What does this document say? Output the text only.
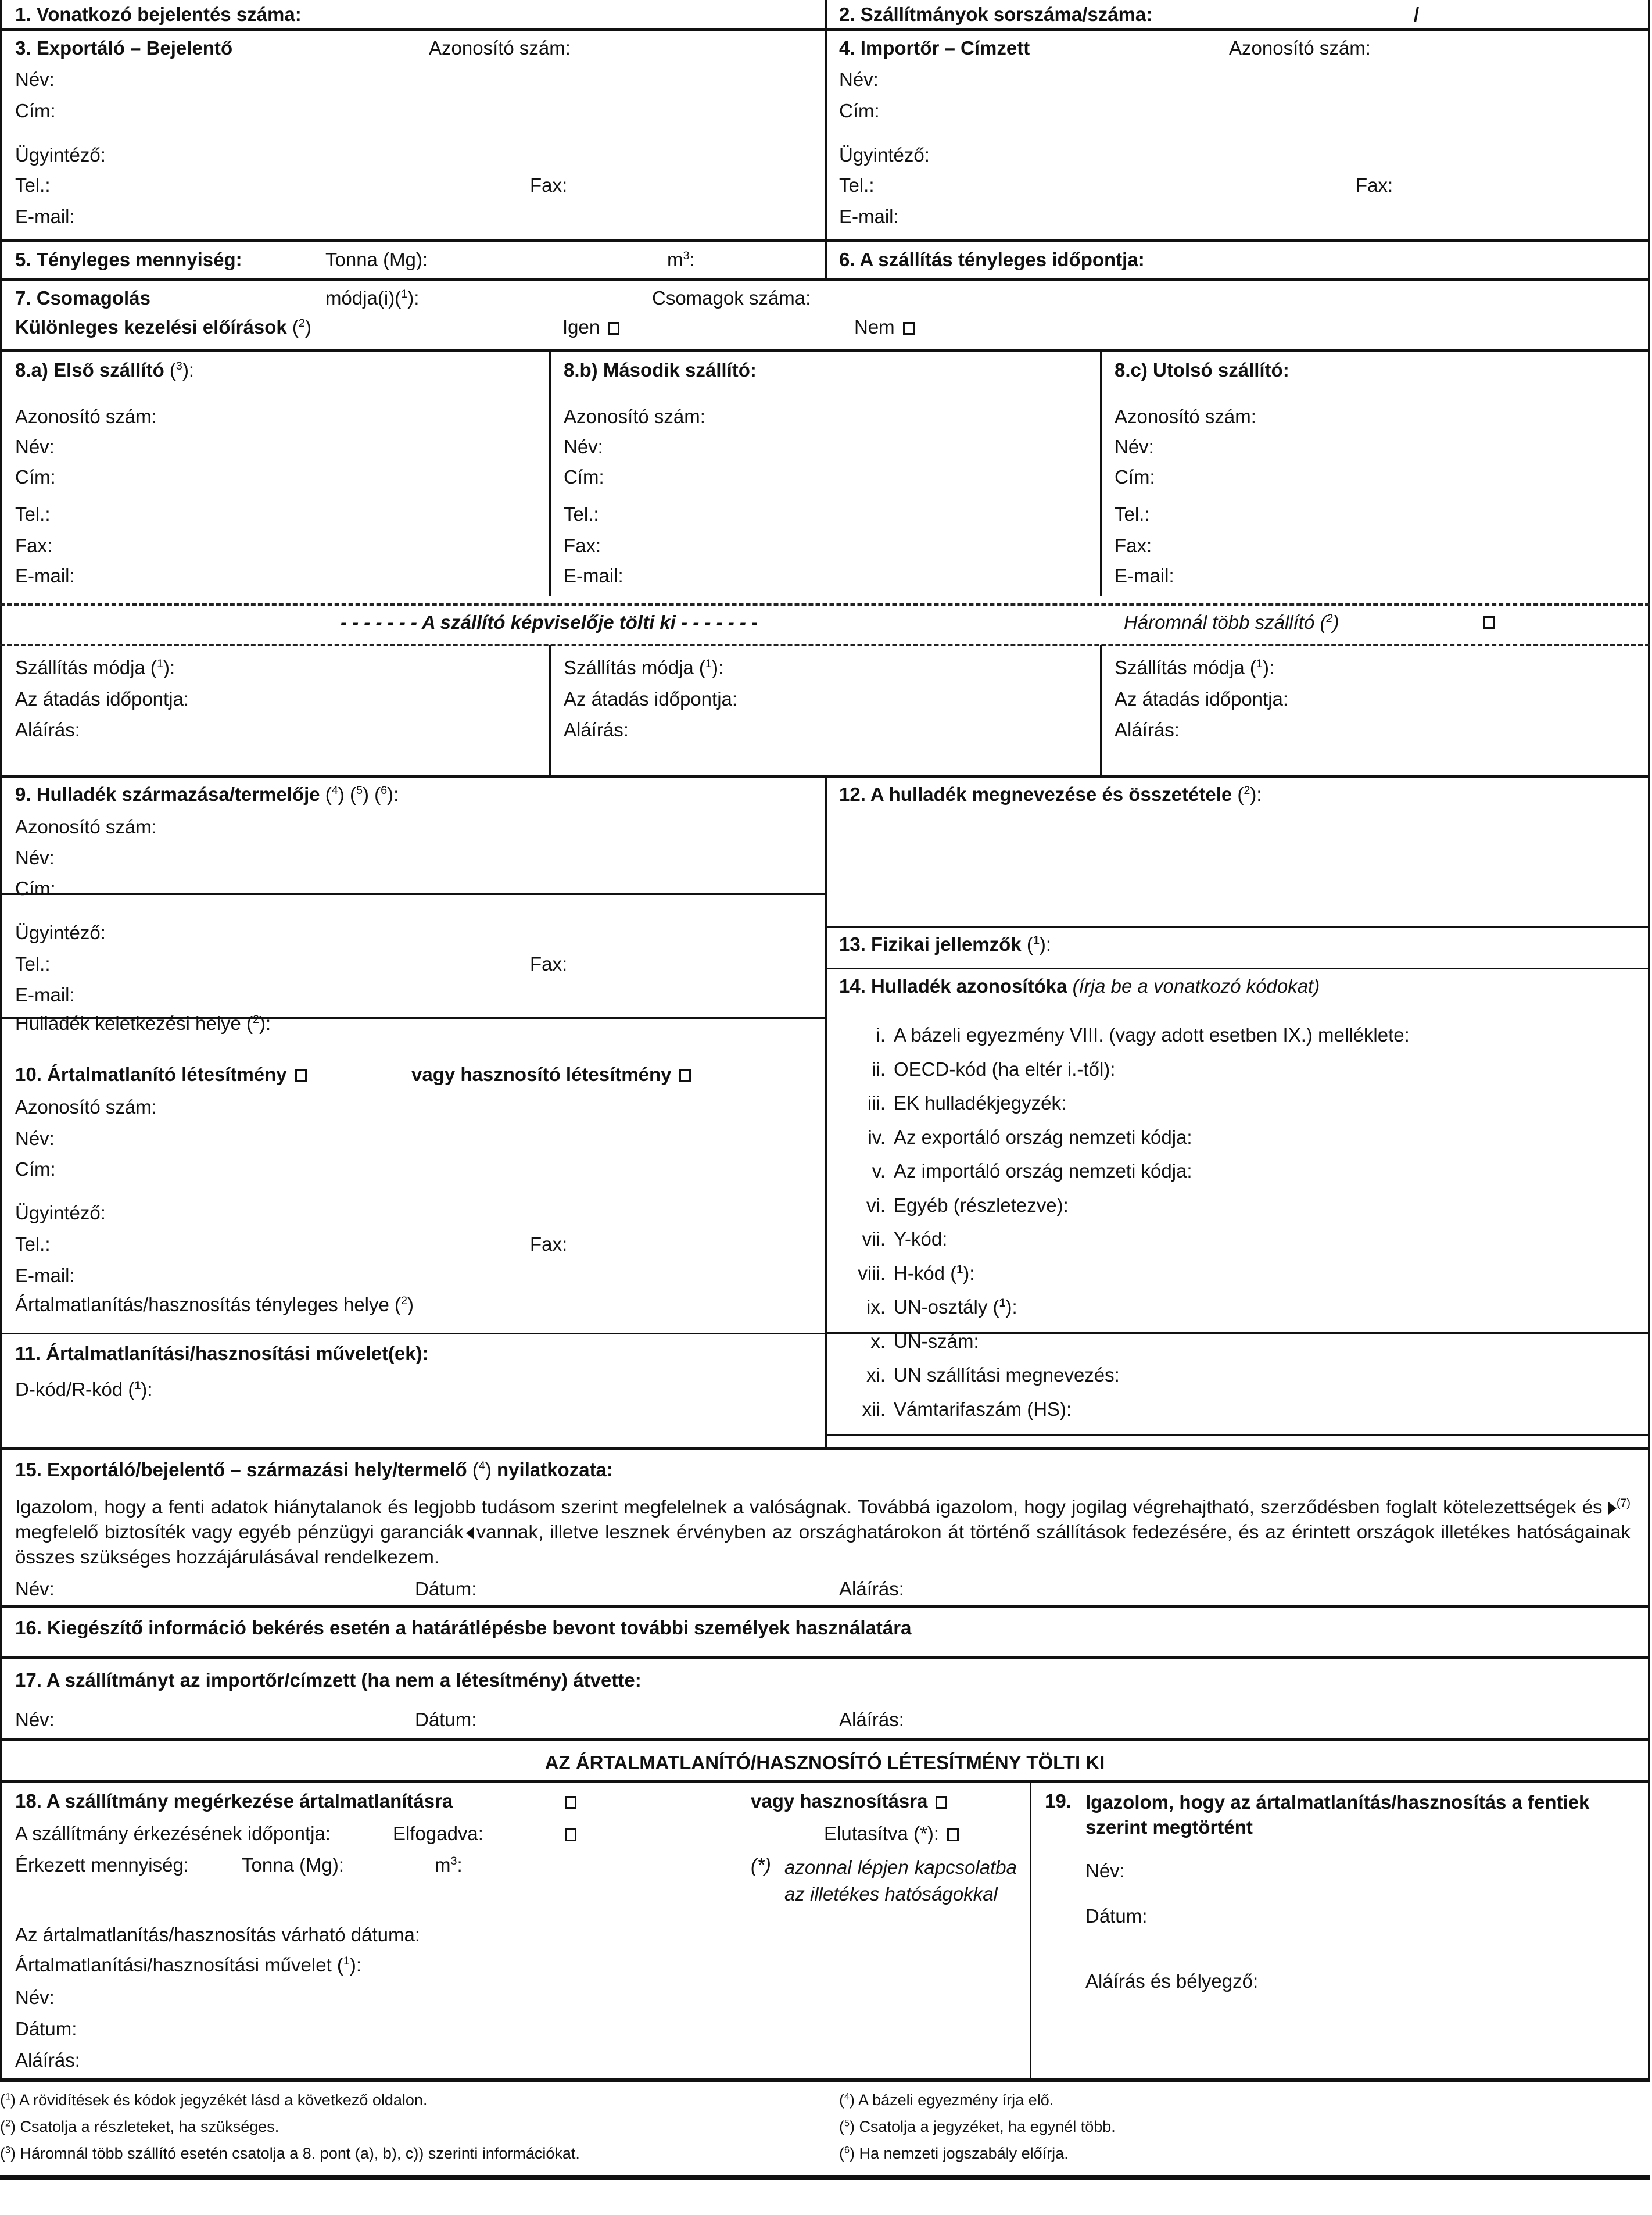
1. Vonatkozó bejelentés száma:	2. Szállítmányok sorszáma/száma:	/
3. Exportáló – Bejelentő	Azonosító szám:
Név:
Cím:
Ügyintéző:
Tel.:	Fax:
E-mail:
4. Importőr – Címzett	Azonosító szám:
Név:
Cím:
Ügyintéző:
Tel.:	Fax:
E-mail:
5. Tényleges mennyiség:	Tonna (Mg):	$m^3$:	6. A szállítás tényleges időpontja:
7. Csomagolás	módja(i)($^1$):	Csomagok száma:
Különleges kezelési előírások ($^2$)	Igen	Nem
8.a) Első szállító ($^3$):
Azonosító szám:
Név:
Cím:
Tel.:
Fax:
E-mail:
Szállítás módja ($^1$):
Az átadás időpontja:
Aláírás:
8.b) Második szállító:
Azonosító szám:
Név:
Cím:
Tel.:
Fax:
E-mail:
Szállítás módja ($^1$):
Az átadás időpontja:
Aláírás:
8.c) Utolsó szállító:
Azonosító szám:
Név:
Cím:
Tel.:
Fax:
E-mail:
Szállítás módja ($^1$):
Az átadás időpontja:
Aláírás:
- - - - - - - A szállító képviselője tölti ki - - - - - - -	Háromnál több szállító ($^2$)
9. Hulladék származása/termelője ($^4$) ($^5$) ($^6$):
Azonosító szám:
Név:
Cím:
Ügyintéző:
Tel.:	Fax:
E-mail:
Hulladék keletkezési helye ($^2$):
10. Ártalmatlanító létesítmény	vagy hasznosító létesítmény
Azonosító szám:
Név:
Cím:
Ügyintéző:
Tel.:	Fax:
E-mail:
Ártalmatlanítás/hasznosítás tényleges helye ($^2$)
11. Ártalmatlanítási/hasznosítási művelet(ek):
D-kód/R-kód ($^1$):
12. A hulladék megnevezése és összetétele ($^2$):
13. Fizikai jellemzők ($^1$):
14. Hulladék azonosítóka (írja be a vonatkozó kódokat)
i. A bázeli egyezmény VIII. (vagy adott esetben IX.) melléklete:
ii. OECD-kód (ha eltér i.-től):
iii. EK hulladékjegyzék:
iv. Az exportáló ország nemzeti kódja:
v. Az importáló ország nemzeti kódja:
vi. Egyéb (részletezve):
vii. Y-kód:
viii. H-kód ($^1$):
ix. UN-osztály ($^1$):
x. UN-szám:
xi. UN szállítási megnevezés:
xii. Vámtarifaszám (HS):
15. Exportáló/bejelentő – származási hely/termelő ($^4$) nyilatkozata:
Igazolom, hogy a fenti adatok hiánytalanok és legjobb tudásom szerint megfelelnek a valóságnak. Továbbá igazolom, hogy jogilag végrehajtható, szerződésben foglalt kötelezettségek és $^{(7)}$ megfelelő biztosíték vagy egyéb pénzügyi garanciák vannak, illetve lesznek érvényben az országhatárokon át történő szállítások fedezésére, és az érintett országok illetékes hatóságainak összes szükséges hozzájárulásával rendelkezem.
Név:	Dátum:	Aláírás:
16. Kiegészítő információ bekérés esetén a határátlépésbe bevont további személyek használatára
17. A szállítmányt az importőr/címzett (ha nem a létesítmény) átvette:
Név:	Dátum:	Aláírás:
AZ ÁRTALMATLANÍTÓ/HASZNOSÍTÓ LÉTESÍTMÉNY TÖLTI KI
18. A szállítmány megérkezése ártalmatlanításra	vagy hasznosításra
A szállítmány érkezésének időpontja:	Elfogadva:	Elutasítva (*):
Érkezett mennyiség:	Tonna (Mg):	$m^3$:	(*) azonnal lépjen kapcsolatba az illetékes hatóságokkal
Az ártalmatlanítás/hasznosítás várható dátuma:
Ártalmatlanítási/hasznosítási művelet ($^1$):
Név:
Dátum:
Aláírás:
19. Igazolom, hogy az ártalmatlanítás/hasznosítás a fentiek szerint megtörtént
Név:
Dátum:
Aláírás és bélyegző:
($^1$) A rövidítések és kódok jegyzékét lásd a következő oldalon.
($^2$) Csatolja a részleteket, ha szükséges.
($^3$) Háromnál több szállító esetén csatolja a 8. pont (a), b), c)) szerinti információkat.
($^4$) A bázeli egyezmény írja elő.
($^5$) Csatolja a jegyzéket, ha egynél több.
($^6$) Ha nemzeti jogszabály előírja.
